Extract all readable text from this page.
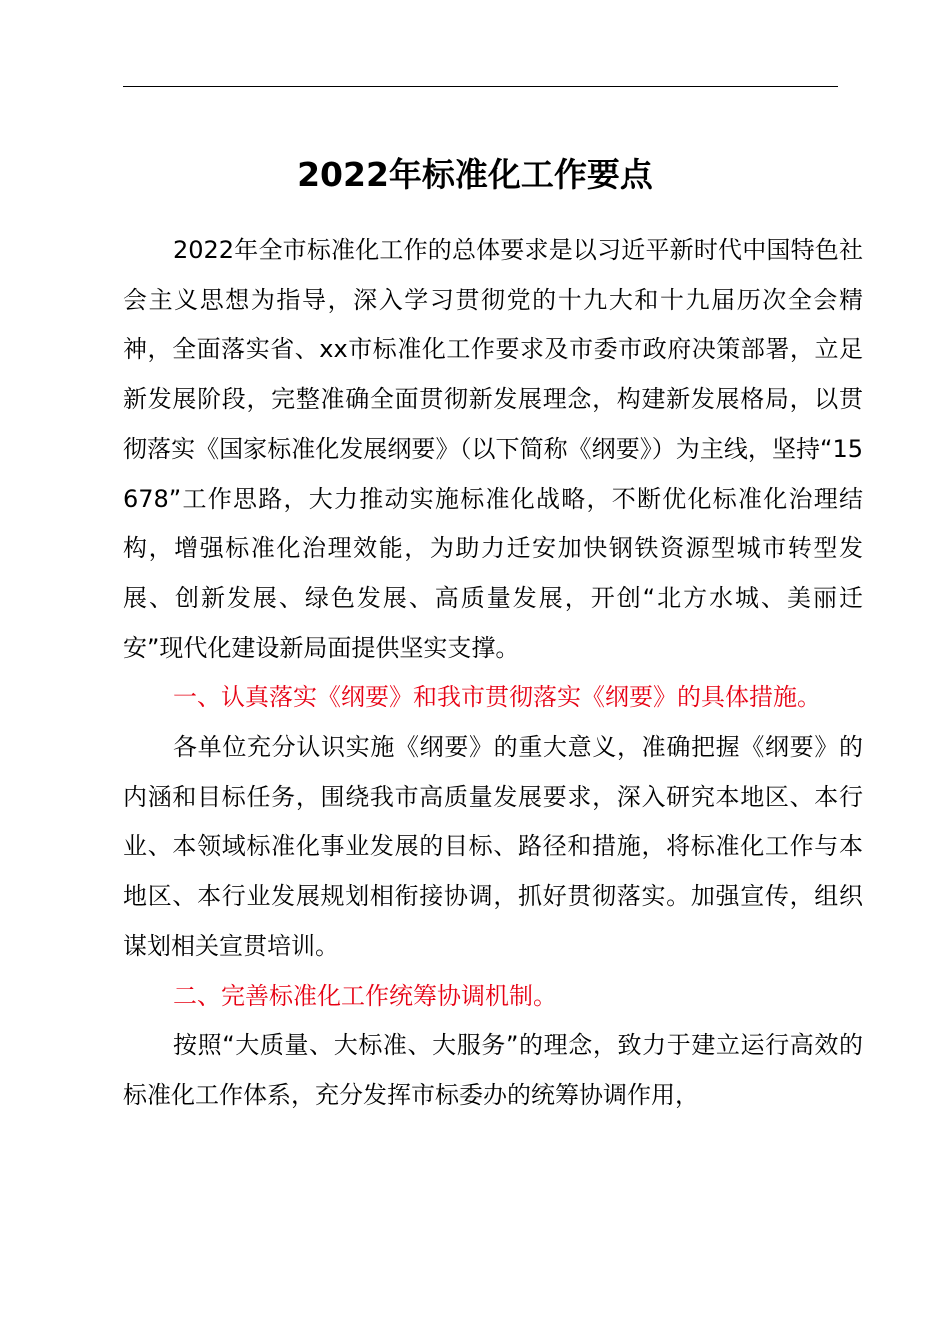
2022年标准化工作要点

2022年全市标准化工作的总体要求是以习近平新时代中国特色社会主义思想为指导，深入学习贯彻党的十九大和十九届历次全会精神，全面落实省、xx市标准化工作要求及市委市政府决策部署，立足新发展阶段，完整准确全面贯彻新发展理念，构建新发展格局，以贯彻落实《国家标准化发展纲要》（以下简称《纲要》）为主线，坚持“15678”工作思路，大力推动实施标准化战略，不断优化标准化治理结构，增强标准化治理效能，为助力迁安加快钢铁资源型城市转型发展、创新发展、绿色发展、高质量发展，开创“北方水城、美丽迁安”现代化建设新局面提供坚实支撑。

一、认真落实《纲要》和我市贯彻落实《纲要》的具体措施。

各单位充分认识实施《纲要》的重大意义，准确把握《纲要》的内涵和目标任务，围绕我市高质量发展要求，深入研究本地区、本行业、本领域标准化事业发展的目标、路径和措施，将标准化工作与本地区、本行业发展规划相衔接协调，抓好贯彻落实。加强宣传，组织谋划相关宣贯培训。

二、完善标准化工作统筹协调机制。

按照“大质量、大标准、大服务”的理念，致力于建立运行高效的标准化工作体系，充分发挥市标委办的统筹协调作用，
